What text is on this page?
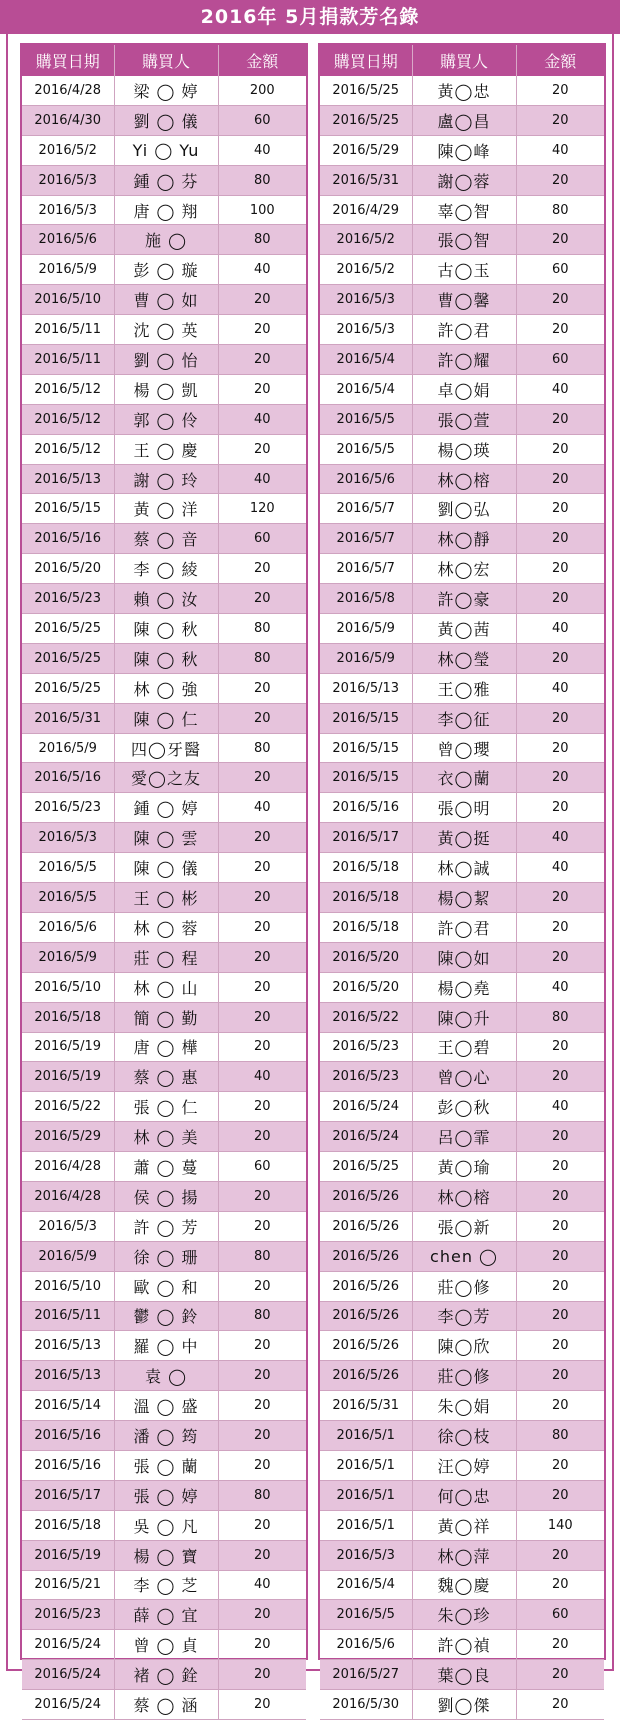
2016年 5月捐款芳名錄
購買日期	購買人	金額
2016/4/28	梁 ◯ 婷	200
2016/4/30	劉 ◯ 儀	60
2016/5/2	Yi ◯ Yu	40
2016/5/3	鍾 ◯ 芬	80
2016/5/3	唐 ◯ 翔	100
2016/5/6	施 ◯	80
2016/5/9	彭 ◯ 璇	40
2016/5/10	曹 ◯ 如	20
2016/5/11	沈 ◯ 英	20
2016/5/11	劉 ◯ 怡	20
2016/5/12	楊 ◯ 凱	20
2016/5/12	郭 ◯ 伶	40
2016/5/12	王 ◯ 慶	20
2016/5/13	謝 ◯ 玲	40
2016/5/15	黃 ◯ 洋	120
2016/5/16	蔡 ◯ 音	60
2016/5/20	李 ◯ 綾	20
2016/5/23	賴 ◯ 汝	20
2016/5/25	陳 ◯ 秋	80
2016/5/25	陳 ◯ 秋	80
2016/5/25	林 ◯ 強	20
2016/5/31	陳 ◯ 仁	20
2016/5/9	四◯牙醫	80
2016/5/16	愛◯之友	20
2016/5/23	鍾 ◯ 婷	40
2016/5/3	陳 ◯ 雲	20
2016/5/5	陳 ◯ 儀	20
2016/5/5	王 ◯ 彬	20
2016/5/6	林 ◯ 蓉	20
2016/5/9	莊 ◯ 程	20
2016/5/10	林 ◯ 山	20
2016/5/18	簡 ◯ 勤	20
2016/5/19	唐 ◯ 樺	20
2016/5/19	蔡 ◯ 惠	40
2016/5/22	張 ◯ 仁	20
2016/5/29	林 ◯ 美	20
2016/4/28	蕭 ◯ 蔓	60
2016/4/28	侯 ◯ 揚	20
2016/5/3	許 ◯ 芳	20
2016/5/9	徐 ◯ 珊	80
2016/5/10	歐 ◯ 和	20
2016/5/11	鬱 ◯ 鈴	80
2016/5/13	羅 ◯ 中	20
2016/5/13	袁 ◯	20
2016/5/14	溫 ◯ 盛	20
2016/5/16	潘 ◯ 筠	20
2016/5/16	張 ◯ 蘭	20
2016/5/17	張 ◯ 婷	80
2016/5/18	吳 ◯ 凡	20
2016/5/19	楊 ◯ 寶	20
2016/5/21	李 ◯ 芝	40
2016/5/23	薛 ◯ 宜	20
2016/5/24	曾 ◯ 貞	20
2016/5/24	褚 ◯ 銓	20
2016/5/24	蔡 ◯ 涵	20
購買日期	購買人	金額
2016/5/25	黃◯忠	20
2016/5/25	盧◯昌	20
2016/5/29	陳◯峰	40
2016/5/31	謝◯蓉	20
2016/4/29	辜◯智	80
2016/5/2	張◯智	20
2016/5/2	古◯玉	60
2016/5/3	曹◯馨	20
2016/5/3	許◯君	20
2016/5/4	許◯耀	60
2016/5/4	卓◯娟	40
2016/5/5	張◯萱	20
2016/5/5	楊◯瑛	20
2016/5/6	林◯榕	20
2016/5/7	劉◯弘	20
2016/5/7	林◯靜	20
2016/5/7	林◯宏	20
2016/5/8	許◯豪	20
2016/5/9	黃◯茜	40
2016/5/9	林◯瑩	20
2016/5/13	王◯雅	40
2016/5/15	李◯征	20
2016/5/15	曾◯瓔	20
2016/5/15	衣◯蘭	20
2016/5/16	張◯明	20
2016/5/17	黃◯挺	40
2016/5/18	林◯誠	40
2016/5/18	楊◯絜	20
2016/5/18	許◯君	20
2016/5/20	陳◯如	20
2016/5/20	楊◯堯	40
2016/5/22	陳◯升	80
2016/5/23	王◯碧	20
2016/5/23	曾◯心	20
2016/5/24	彭◯秋	40
2016/5/24	呂◯霏	20
2016/5/25	黃◯瑜	20
2016/5/26	林◯榕	20
2016/5/26	張◯新	20
2016/5/26	chen ◯	20
2016/5/26	莊◯修	20
2016/5/26	李◯芳	20
2016/5/26	陳◯欣	20
2016/5/26	莊◯修	20
2016/5/31	朱◯娟	20
2016/5/1	徐◯枝	80
2016/5/1	汪◯婷	20
2016/5/1	何◯忠	20
2016/5/1	黃◯祥	140
2016/5/3	林◯萍	20
2016/5/4	魏◯慶	20
2016/5/5	朱◯珍	60
2016/5/6	許◯禎	20
2016/5/27	葉◯良	20
2016/5/30	劉◯傑	20
